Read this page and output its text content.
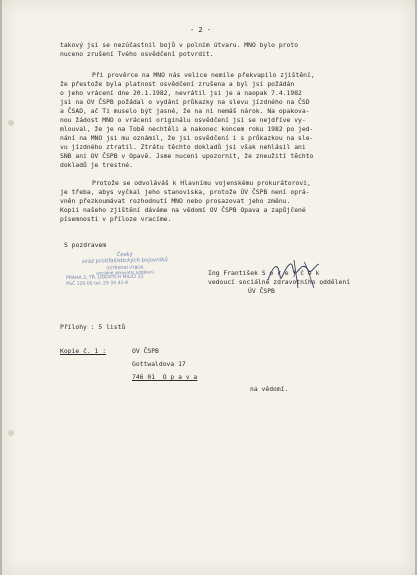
- 2 -
takový jsi se nezúčastnil bojů v polním útvaru. MNO bylo proto
nuceno zrušení Tvého osvědčení potvrdit.
Při prověrce na MNO nás velice nemile překvapilo zjištění,
že přestože byla platnost osvědčení zrušena a byl jsi požádán
o jeho vrácení dne 20.1.1982, nevrátil jsi je a naopak 7.4.1982
jsi na OV ČSPB požádal o vydání průkazky na slevu jízdného na ČSD
a ČSAD, ač Ti muselo být jasné, že na ni nemáš nárok. Na opakova-
nou žádost MNO o vrácení originálu osvědčení jsi se nejdříve vy-
mlouval, že je na Tobě nechtěli a nakonec koncem roku 1982 po jed-
nání na MNO jsi mu oznámil, že jsi osvědčení i s průkazkou na sle-
vu jízdného ztratil. Ztrátu těchto dokladů jsi však nehlásil ani
SNB ani OV ČSPB v Opavě. Jsme nuceni upozornit, že zneužití těchto
dokladů je trestné.
Protože se odvoláváš k Hlavnímu vojenskému prokurátorovi,
je třeba, abys vyčkal jeho stanoviska, protože ÚV ČSPB není oprá-
vněn přezkoumávat rozhodnutí MNO nebo prosazovat jeho změnu.
Kopii našeho zjištění dáváme na vědomí OV ČSPB Opava a zapůjčené
písemnosti v příloze vracíme.
S pozdravem
Český
svaz protifašistických bojovníků
ÚSTŘEDNÍ VÝBOR
sociálně zdravotní oddělení
PRAHA 2, TŘ. LIDOVÝCH MILICÍ 22
PSČ 120 00 tel. 29 35 41-8
Ing František S o r e j č e k
vedoucí sociálně zdravotního oddělení
ÚV ČSPB
Přílohy : 5 listů
Kopie č. 1 :	OV ČSPB
Gottwaldova 17
746 01  O p a v a
na vědomí.
